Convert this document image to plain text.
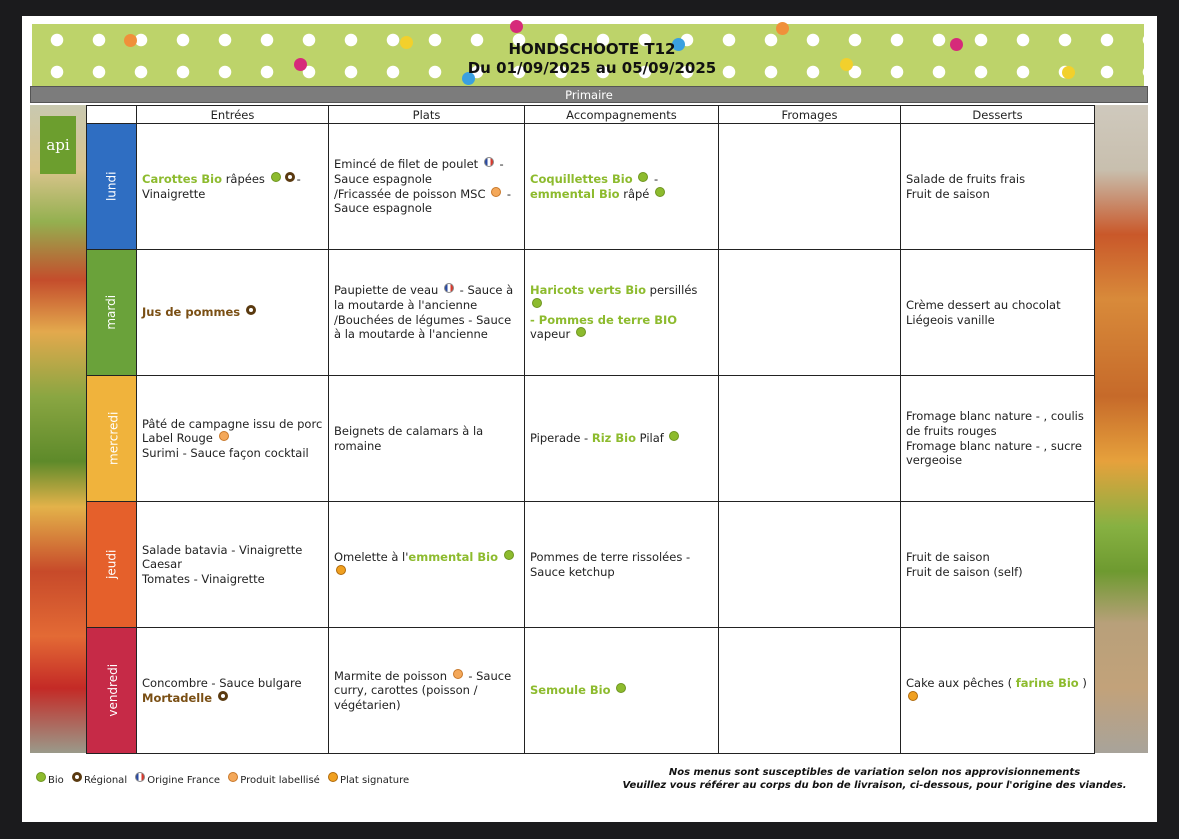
HONDSCHOOTE T12
Du 01/09/2025 au 05/09/2025
Primaire
api
	Entrées	Plats	Accompagnements	Fromages	Desserts
lundi	Carottes Bio râpées -
Vinaigrette	Emincé de filet de poulet -
Sauce espagnole
/Fricassée de poisson MSC -
Sauce espagnole	Coquillettes Bio -
emmental Bio râpé		Salade de fruits frais
Fruit de saison
mardi	Jus de pommes	Paupiette de veau - Sauce à la moutarde à l'ancienne /Bouchées de légumes - Sauce à la moutarde à l'ancienne	Haricots verts Bio persillés
- Pommes de terre BIO vapeur		Crème dessert au chocolat
Liégeois vanille
mercredi	Pâté de campagne issu de porc
Label Rouge
Surimi - Sauce façon cocktail	Beignets de calamars à la romaine	Piperade - Riz Bio Pilaf		Fromage blanc nature - , coulis de fruits rouges
Fromage blanc nature - , sucre vergeoise
jeudi	Salade batavia - Vinaigrette Caesar
Tomates - Vinaigrette	Omelette à l'emmental Bio	Pommes de terre rissolées -
Sauce ketchup		Fruit de saison
Fruit de saison (self)
vendredi	Concombre - Sauce bulgare
Mortadelle	Marmite de poisson - Sauce curry, carottes (poisson / végétarien)	Semoule Bio		Cake aux pêches ( farine Bio )

Bio Régional Origine France Produit labellisé Plat signature
Nos menus sont susceptibles de variation selon nos approvisionnements
Veuillez vous référer au corps du bon de livraison, ci-dessous, pour l'origine des viandes.
